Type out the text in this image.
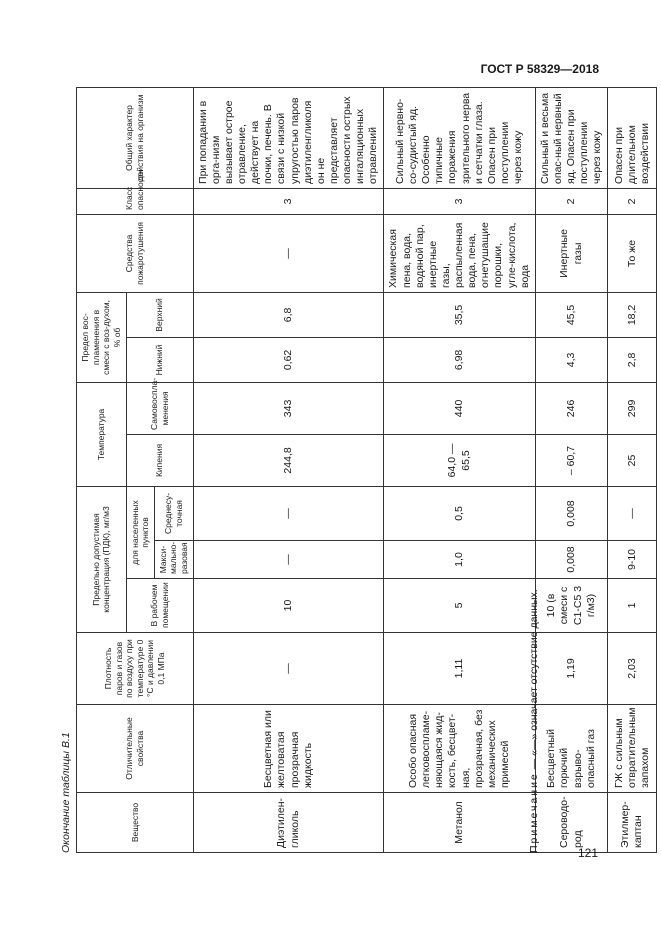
ГОСТ Р 58329—2018
Окончание таблицы В.1	Вещество	Отличительные свойства	Плотность паров и газов по воздуху при температуре 0 °С и давлении 0,1 МПа	Предельно допустимая концентрация (ПДК), мг/м3			Температура		Предел вос-пламенения в смеси с воз-духом, % об		Средства пожаротушения	Класс опасности	Общий характер действия на организм
			В рабочем помещении	для населенных пунктов		Кипения	Самовоспла-менения	Нижний	Верхний			
				Макси-мально-разовая	Среднесу-точная							
Диэтилен-гликоль	Бесцветная или желтоватая прозрачная жидкость	—	10	—	—	244,8	343	0,62	6,8	—	3	При попадании в орга-низм вызывает острое отравление, действует на почки, печень. В связи с низкой упругостью паров диэтиленгликоля он не представляет опасности острых ингаляционных отравлений
Метанол	Особо опасная легковоспламе-няющаяся жид-кость, бесцвет-ная, прозрачная, без механических примесей	1,11	5	1,0	0,5	64,0 —65,5	440	6,98	35,5	Химическая пена, вода, водяной пар, инертные газы, распыленная вода, пена, огнетушащие порошки, угле-кислота, вода	3	Сильный нервно-со-судистый яд. Особенно типичные поражения зрительного нерва и сетчатки глаза. Опасен при поступлении через кожу
Сероводо-род	Бесцветный горючий взрыво-опасный газ	1,19	10 (в смеси с С1-С5 3 г/м3)	0,008	0,008	– 60,7	246	4,3	45,5	Инертные газы	2	Сильный и весьма опас-ный нервный яд. Опасен при поступлении через кожу
Этилмер-каптан	ГЖ с сильным отвратительным запахом	2,03	1	9-10	—	25	299	2,8	18,2	То же	2	Опасен при длительном воздействии
Примечание — «—» означает отсутствие данных.
121
